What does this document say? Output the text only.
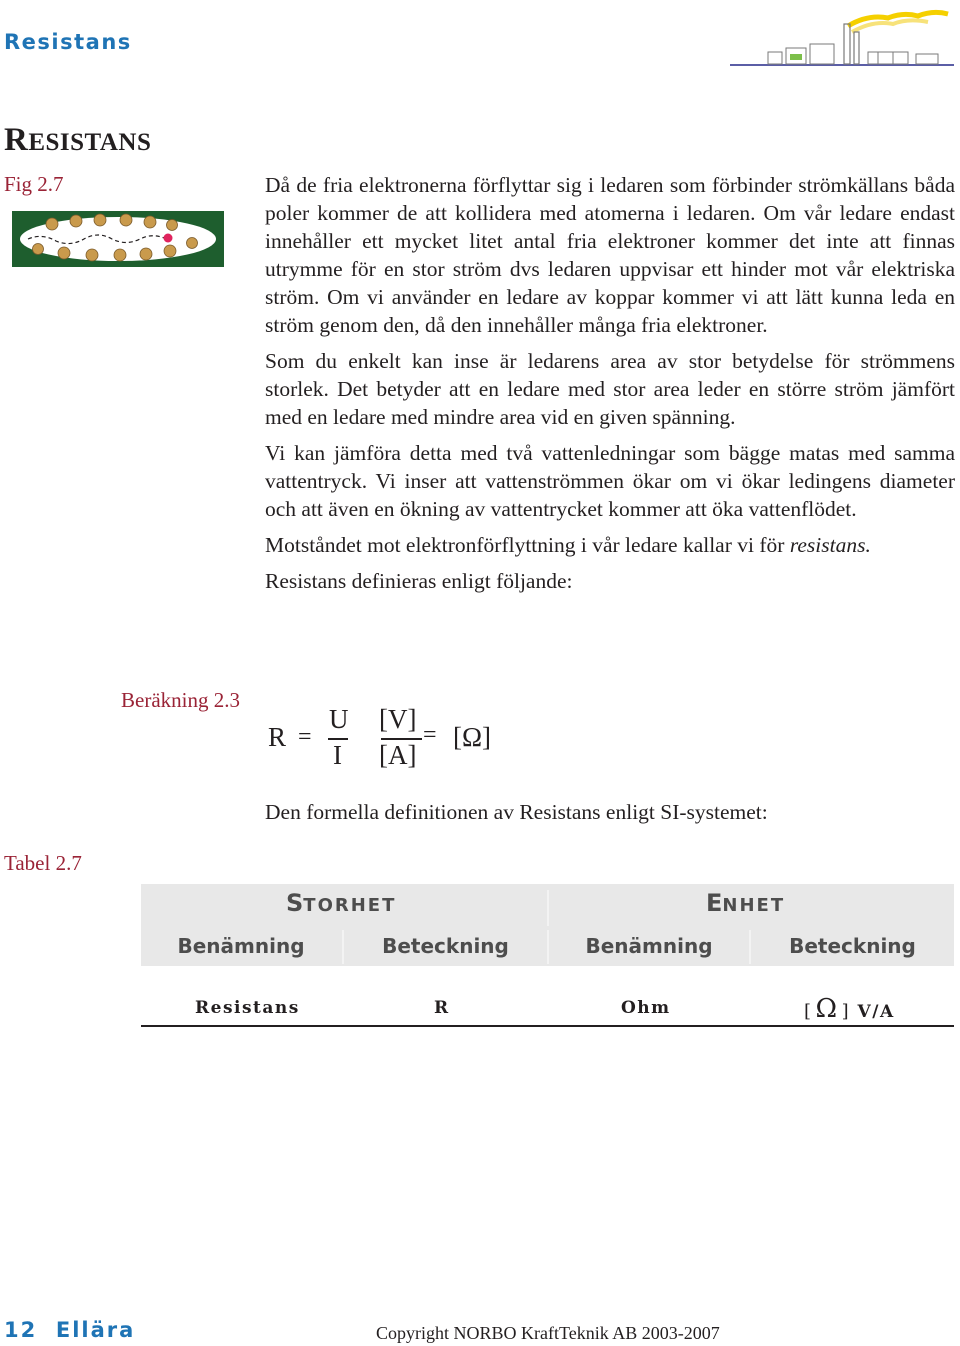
Resistans
RESISTANS
Fig 2.7
Beräkning 2.3
Tabel 2.7

Då de fria elektronerna förflyttar sig i ledaren som förbinder strömkällans båda poler kommer de att kollidera med atomerna i ledaren. Om vår ledare endast innehåller ett mycket litet antal fria elektroner kommer det inte att finnas utrymme för en stor ström dvs ledaren uppvisar ett hinder mot vår elektriska ström. Om vi använder en ledare av koppar kommer vi att lätt kunna leda en ström genom den, då den innehåller många fria elektroner.

Som du enkelt kan inse är ledarens area av stor betydelse för strömmens storlek. Det betyder att en ledare med stor area leder en större ström jämfört med en ledare med mindre area vid en given spänning.

Vi kan jämföra detta med två vattenledningar som bägge matas med samma vattentryck. Vi inser att vattenströmmen ökar om vi ökar ledingens diameter och att även en ökning av vattentrycket kommer att öka vattenflödet.

Motståndet mot elektronförflyttning i vår ledare kallar vi för resistans.

Resistans definieras enligt följande:

R =
U
I
[V]
[A]
= [Ω]

Den formella definitionen av Resistans enligt SI-systemet:

STORHET	ENHET
Benämning	Beteckning	Benämning	Beteckning
Resistans	R	Ohm	[ Ω ] V/A
12  Ellära	Copyright NORBO KraftTeknik AB 2003-2007
